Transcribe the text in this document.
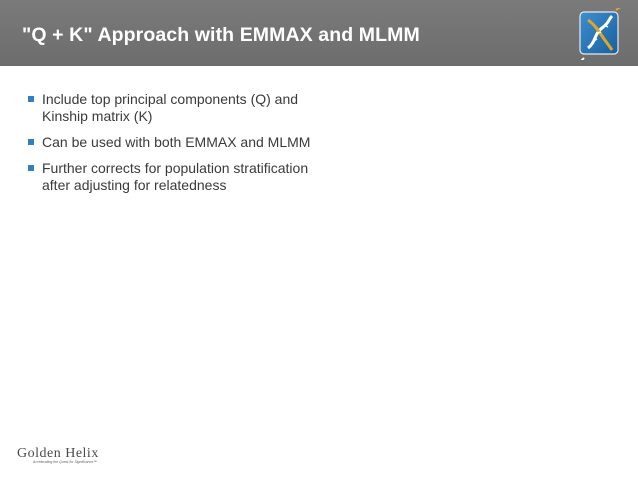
"Q + K" Approach with EMMAX and MLMM
Include top principal components (Q) and Kinship matrix (K)
Can be used with both EMMAX and MLMM
Further corrects for population stratification after adjusting for relatedness
Golden Helix
Accelerating the Quest for Significance™
